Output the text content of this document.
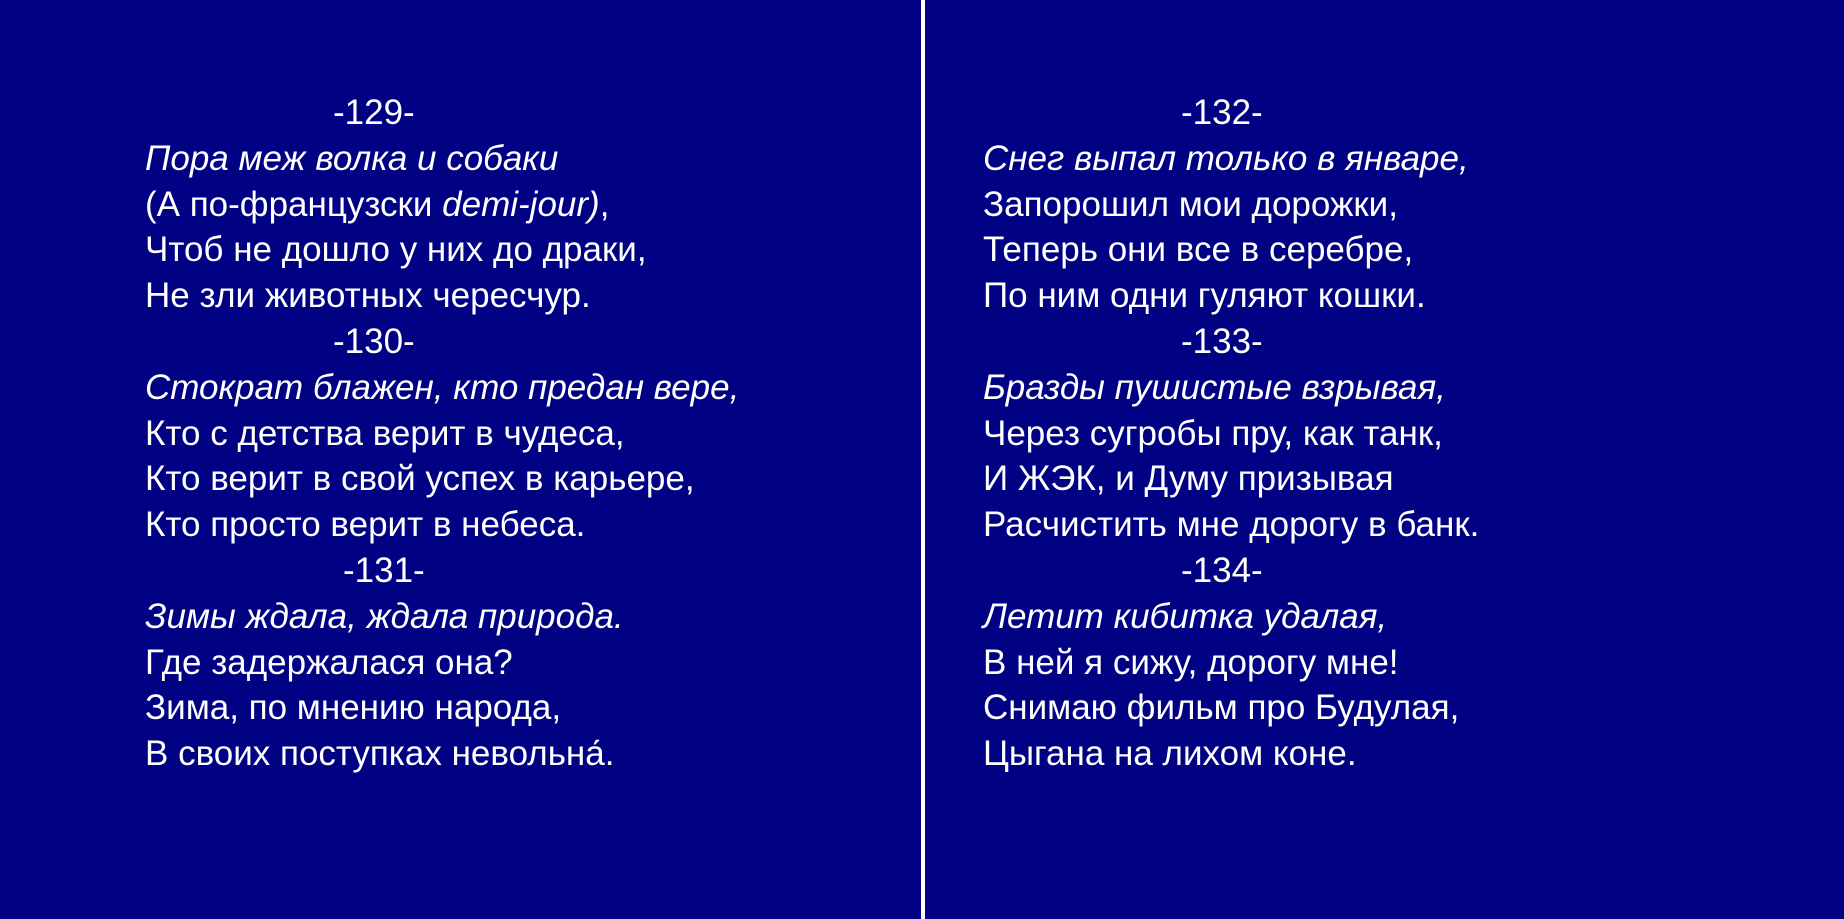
-129-
Пора меж волка и собаки
(А по-французски demi-jour),
Чтоб не дошло у них до драки,
Не зли животных чересчур.
-130-
Стократ блажен, кто предан вере,
Кто с детства верит в чудеса,
Кто верит в свой успех в карьере,
Кто просто верит в небеса.
-131-
Зимы ждала, ждала природа.
Где задержалася она?
Зима, по мнению народа,
В своих поступках невольна́.
-132-
Снег выпал только в январе,
Запорошил мои дорожки,
Теперь они все в серебре,
По ним одни гуляют кошки.
-133-
Бразды пушистые взрывая,
Через сугробы пру, как танк,
И ЖЭК, и Думу призывая
Расчистить мне дорогу в банк.
-134-
Летит кибитка удалая,
В ней я сижу, дорогу мне!
Снимаю фильм про Будулая,
Цыгана на лихом коне.
